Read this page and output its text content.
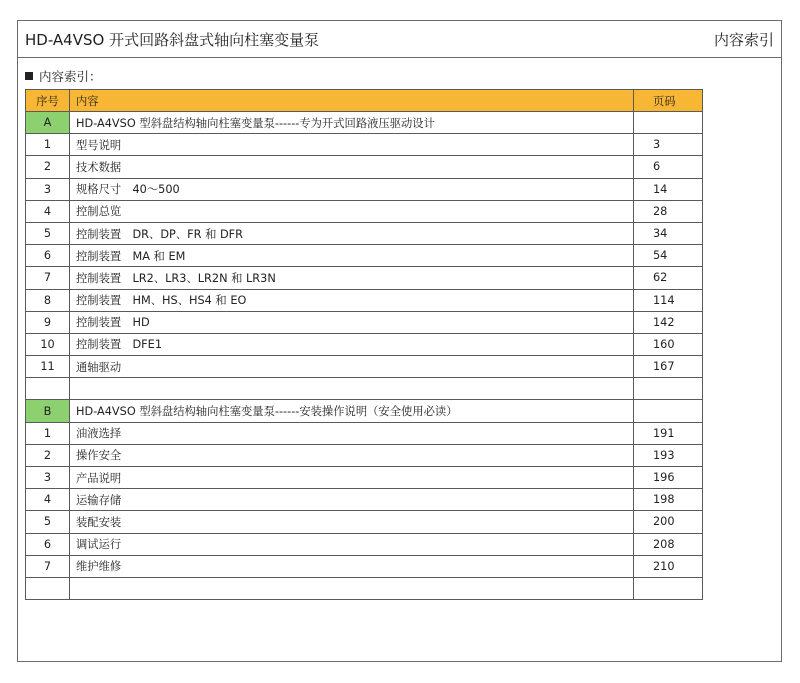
HD-A4VSO 开式回路斜盘式轴向柱塞变量泵	内容索引
内容索引：
序号	内容	页码
A	HD-A4VSO 型斜盘结构轴向柱塞变量泵------专为开式回路液压驱动设计	
1	型号说明	3
2	技术数据	6
3	规格尺寸　40～500	14
4	控制总览	28
5	控制装置　DR、DP、FR 和 DFR	34
6	控制装置　MA 和 EM	54
7	控制装置　LR2、LR3、LR2N 和 LR3N	62
8	控制装置　HM、HS、HS4 和 EO	114
9	控制装置　HD	142
10	控制装置　DFE1	160
11	通轴驱动	167

B	HD-A4VSO 型斜盘结构轴向柱塞变量泵------安装操作说明（安全使用必读）	
1	油液选择	191
2	操作安全	193
3	产品说明	196
4	运输存储	198
5	装配安装	200
6	调试运行	208
7	维护维修	210
